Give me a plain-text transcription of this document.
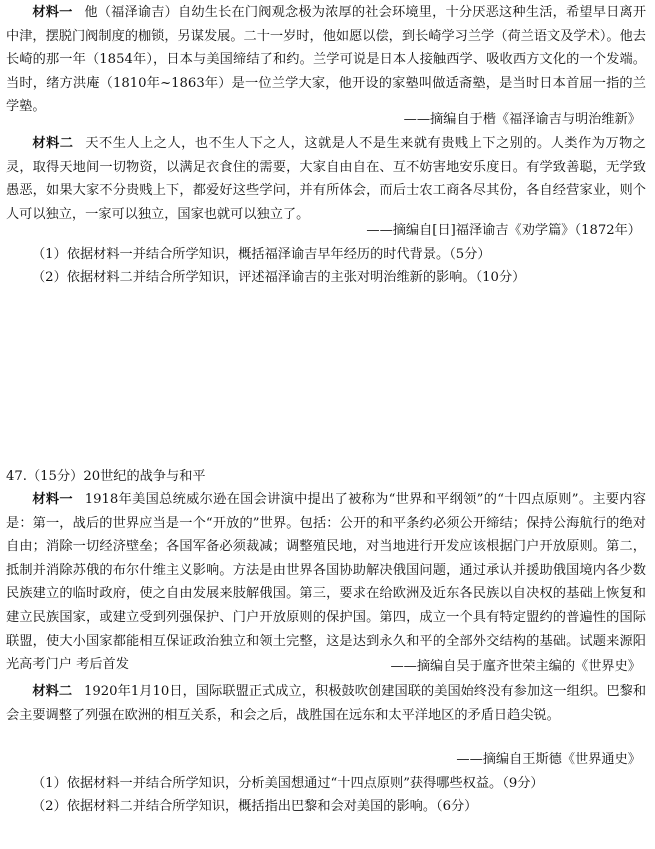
材料一 他（福泽谕吉）自幼生长在门阀观念极为浓厚的社会环境里，十分厌恶这种生活，希望早日离开中津，摆脱门阀制度的枷锁，另谋发展。二十一岁时，他如愿以偿，到长崎学习兰学（荷兰语文及学术）。他去长崎的那一年（1854年），日本与美国缔结了和约。兰学可说是日本人接触西学、吸收西方文化的一个发端。当时，绪方洪庵（1810年~1863年）是一位兰学大家，他开设的家塾叫做适斋塾，是当时日本首屈一指的兰学塾。
——摘编自于楷《福泽谕吉与明治维新》
材料二 天不生人上之人，也不生人下之人，这就是人不是生来就有贵贱上下之别的。人类作为万物之灵，取得天地间一切物资，以满足衣食住的需要，大家自由自在、互不妨害地安乐度日。有学致善聪，无学致愚恶，如果大家不分贵贱上下，都爱好这些学问，并有所体会，而后士农工商各尽其份，各自经营家业，则个人可以独立，一家可以独立，国家也就可以独立了。
——摘编自[日]福泽谕吉《劝学篇》（1872年）
（1）依据材料一并结合所学知识，概括福泽谕吉早年经历的时代背景。（5分）
（2）依据材料二并结合所学知识，评述福泽谕吉的主张对明治维新的影响。（10分）
47.（15分）20世纪的战争与和平
材料一 1918年美国总统威尔逊在国会讲演中提出了被称为“世界和平纲领”的“十四点原则”。主要内容是：第一，战后的世界应当是一个“开放的”世界。包括：公开的和平条约必须公开缔结；保持公海航行的绝对自由；消除一切经济壁垒；各国军备必须裁减；调整殖民地，对当地进行开发应该根据门户开放原则。第二，抵制并消除苏俄的布尔什维主义影响。方法是由世界各国协助解决俄国问题，通过承认并援助俄国境内各少数民族建立的临时政府，使之自由发展来肢解俄国。第三，要求在给欧洲及近东各民族以自决权的基础上恢复和建立民族国家，或建立受到列强保护、门户开放原则的保护国。第四，成立一个具有特定盟约的普遍性的国际联盟，使大小国家都能相互保证政治独立和领土完整，这是达到永久和平的全部外交结构的基础。试题来源阳光高考门户 考后首发	——摘编自吴于廑齐世荣主编的《世界史》
材料二 1920年1月10日，国际联盟正式成立，积极鼓吹创建国联的美国始终没有参加这一组织。巴黎和会主要调整了列强在欧洲的相互关系，和会之后，战胜国在远东和太平洋地区的矛盾日趋尖锐。
——摘编自王斯德《世界通史》
（1）依据材料一并结合所学知识，分析美国想通过“十四点原则”获得哪些权益。（9分）
（2）依据材料二并结合所学知识，概括指出巴黎和会对美国的影响。（6分）
